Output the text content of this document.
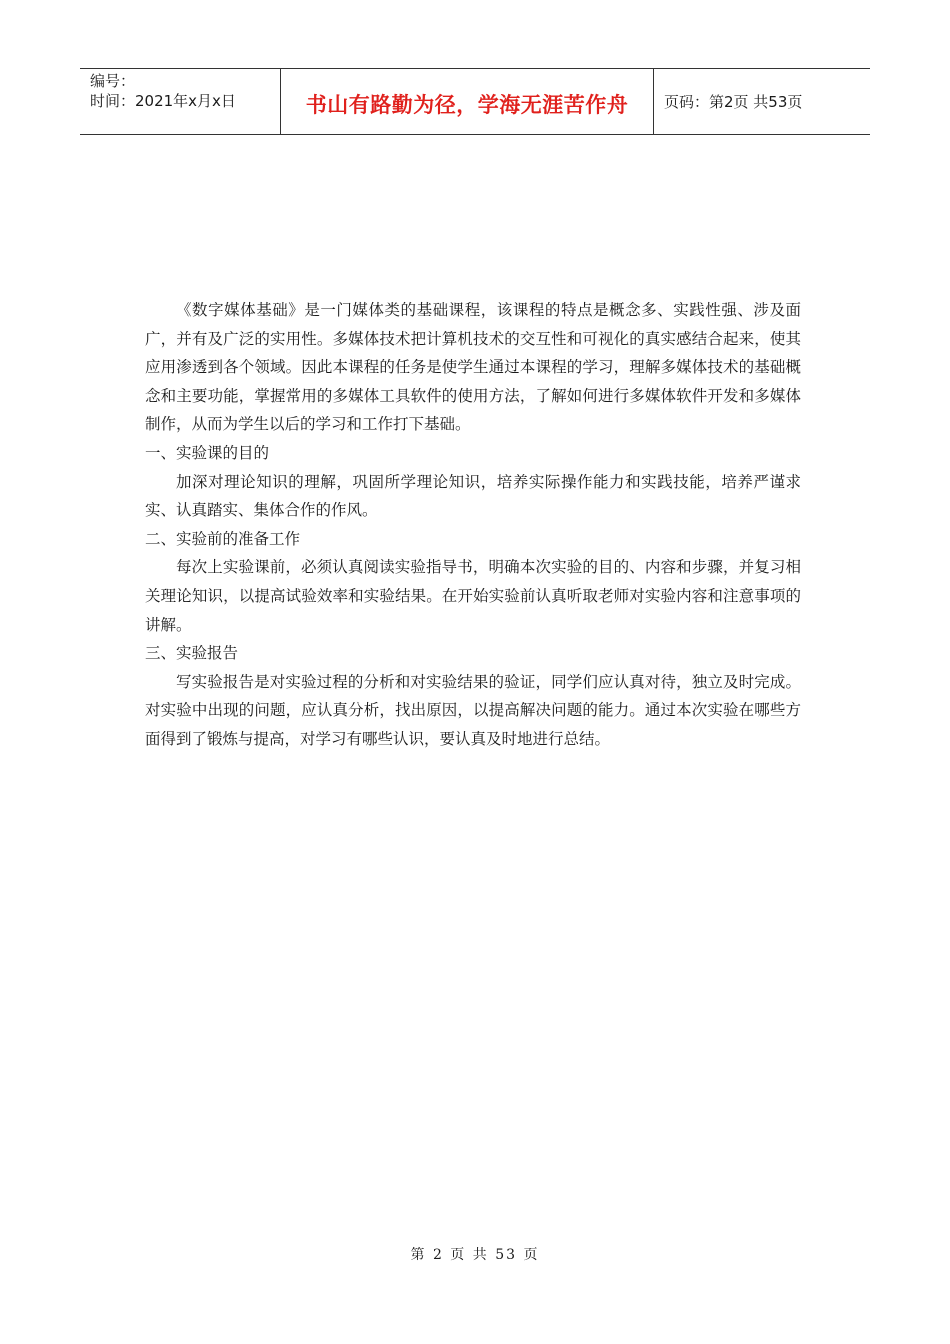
编号：
时间：2021年x月x日	书山有路勤为径，学海无涯苦作舟 页码：第2页 共53页

《数字媒体基础》是一门媒体类的基础课程，该课程的特点是概念多、实践性强、涉及面广，并有及广泛的实用性。多媒体技术把计算机技术的交互性和可视化的真实感结合起来，使其应用渗透到各个领域。因此本课程的任务是使学生通过本课程的学习，理解多媒体技术的基础概念和主要功能，掌握常用的多媒体工具软件的使用方法，了解如何进行多媒体软件开发和多媒体制作，从而为学生以后的学习和工作打下基础。

一、实验课的目的

加深对理论知识的理解，巩固所学理论知识，培养实际操作能力和实践技能，培养严谨求实、认真踏实、集体合作的作风。

二、实验前的准备工作

每次上实验课前，必须认真阅读实验指导书，明确本次实验的目的、内容和步骤，并复习相关理论知识，以提高试验效率和实验结果。在开始实验前认真听取老师对实验内容和注意事项的讲解。

三、实验报告

写实验报告是对实验过程的分析和对实验结果的验证，同学们应认真对待，独立及时完成。对实验中出现的问题，应认真分析，找出原因，以提高解决问题的能力。通过本次实验在哪些方面得到了锻炼与提高，对学习有哪些认识，要认真及时地进行总结。

第 2 页 共 53 页
